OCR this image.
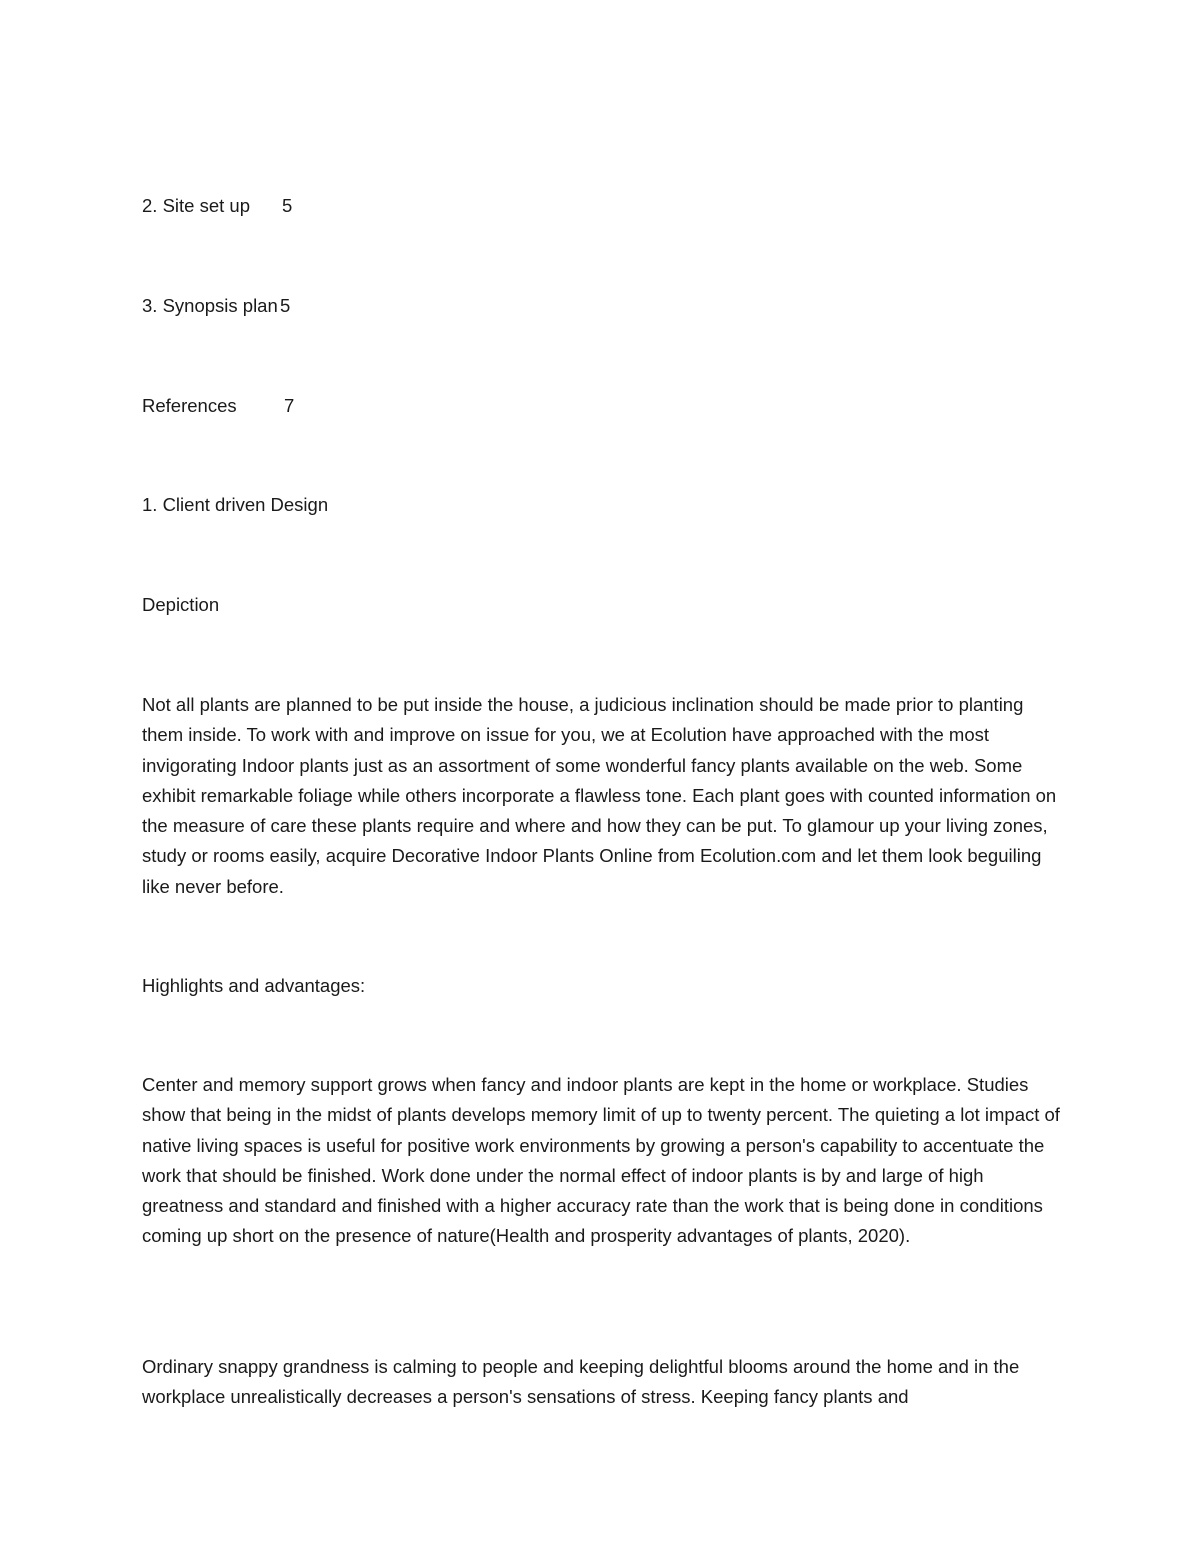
2. Site set up 5
3. Synopsis plan 5
References	7
1. Client driven Design
Depiction

Not all plants are planned to be put inside the house, a judicious inclination should be made prior to planting them inside. To work with and improve on issue for you, we at Ecolution have approached with the most invigorating Indoor plants just as an assortment of some wonderful fancy plants available on the web. Some exhibit remarkable foliage while others incorporate a flawless tone. Each plant goes with counted information on the measure of care these plants require and where and how they can be put. To glamour up your living zones, study or rooms easily, acquire Decorative Indoor Plants Online from Ecolution.com and let them look beguiling like never before.

Highlights and advantages:

Center and memory support grows when fancy and indoor plants are kept in the home or workplace. Studies show that being in the midst of plants develops memory limit of up to twenty percent. The quieting a lot impact of native living spaces is useful for positive work environments by growing a person's capability to accentuate the work that should be finished. Work done under the normal effect of indoor plants is by and large of high greatness and standard and finished with a higher accuracy rate than the work that is being done in conditions coming up short on the presence of nature(Health and prosperity advantages of plants, 2020).

Ordinary snappy grandness is calming to people and keeping delightful blooms around the home and in the workplace unrealistically decreases a person's sensations of stress. Keeping fancy plants and
